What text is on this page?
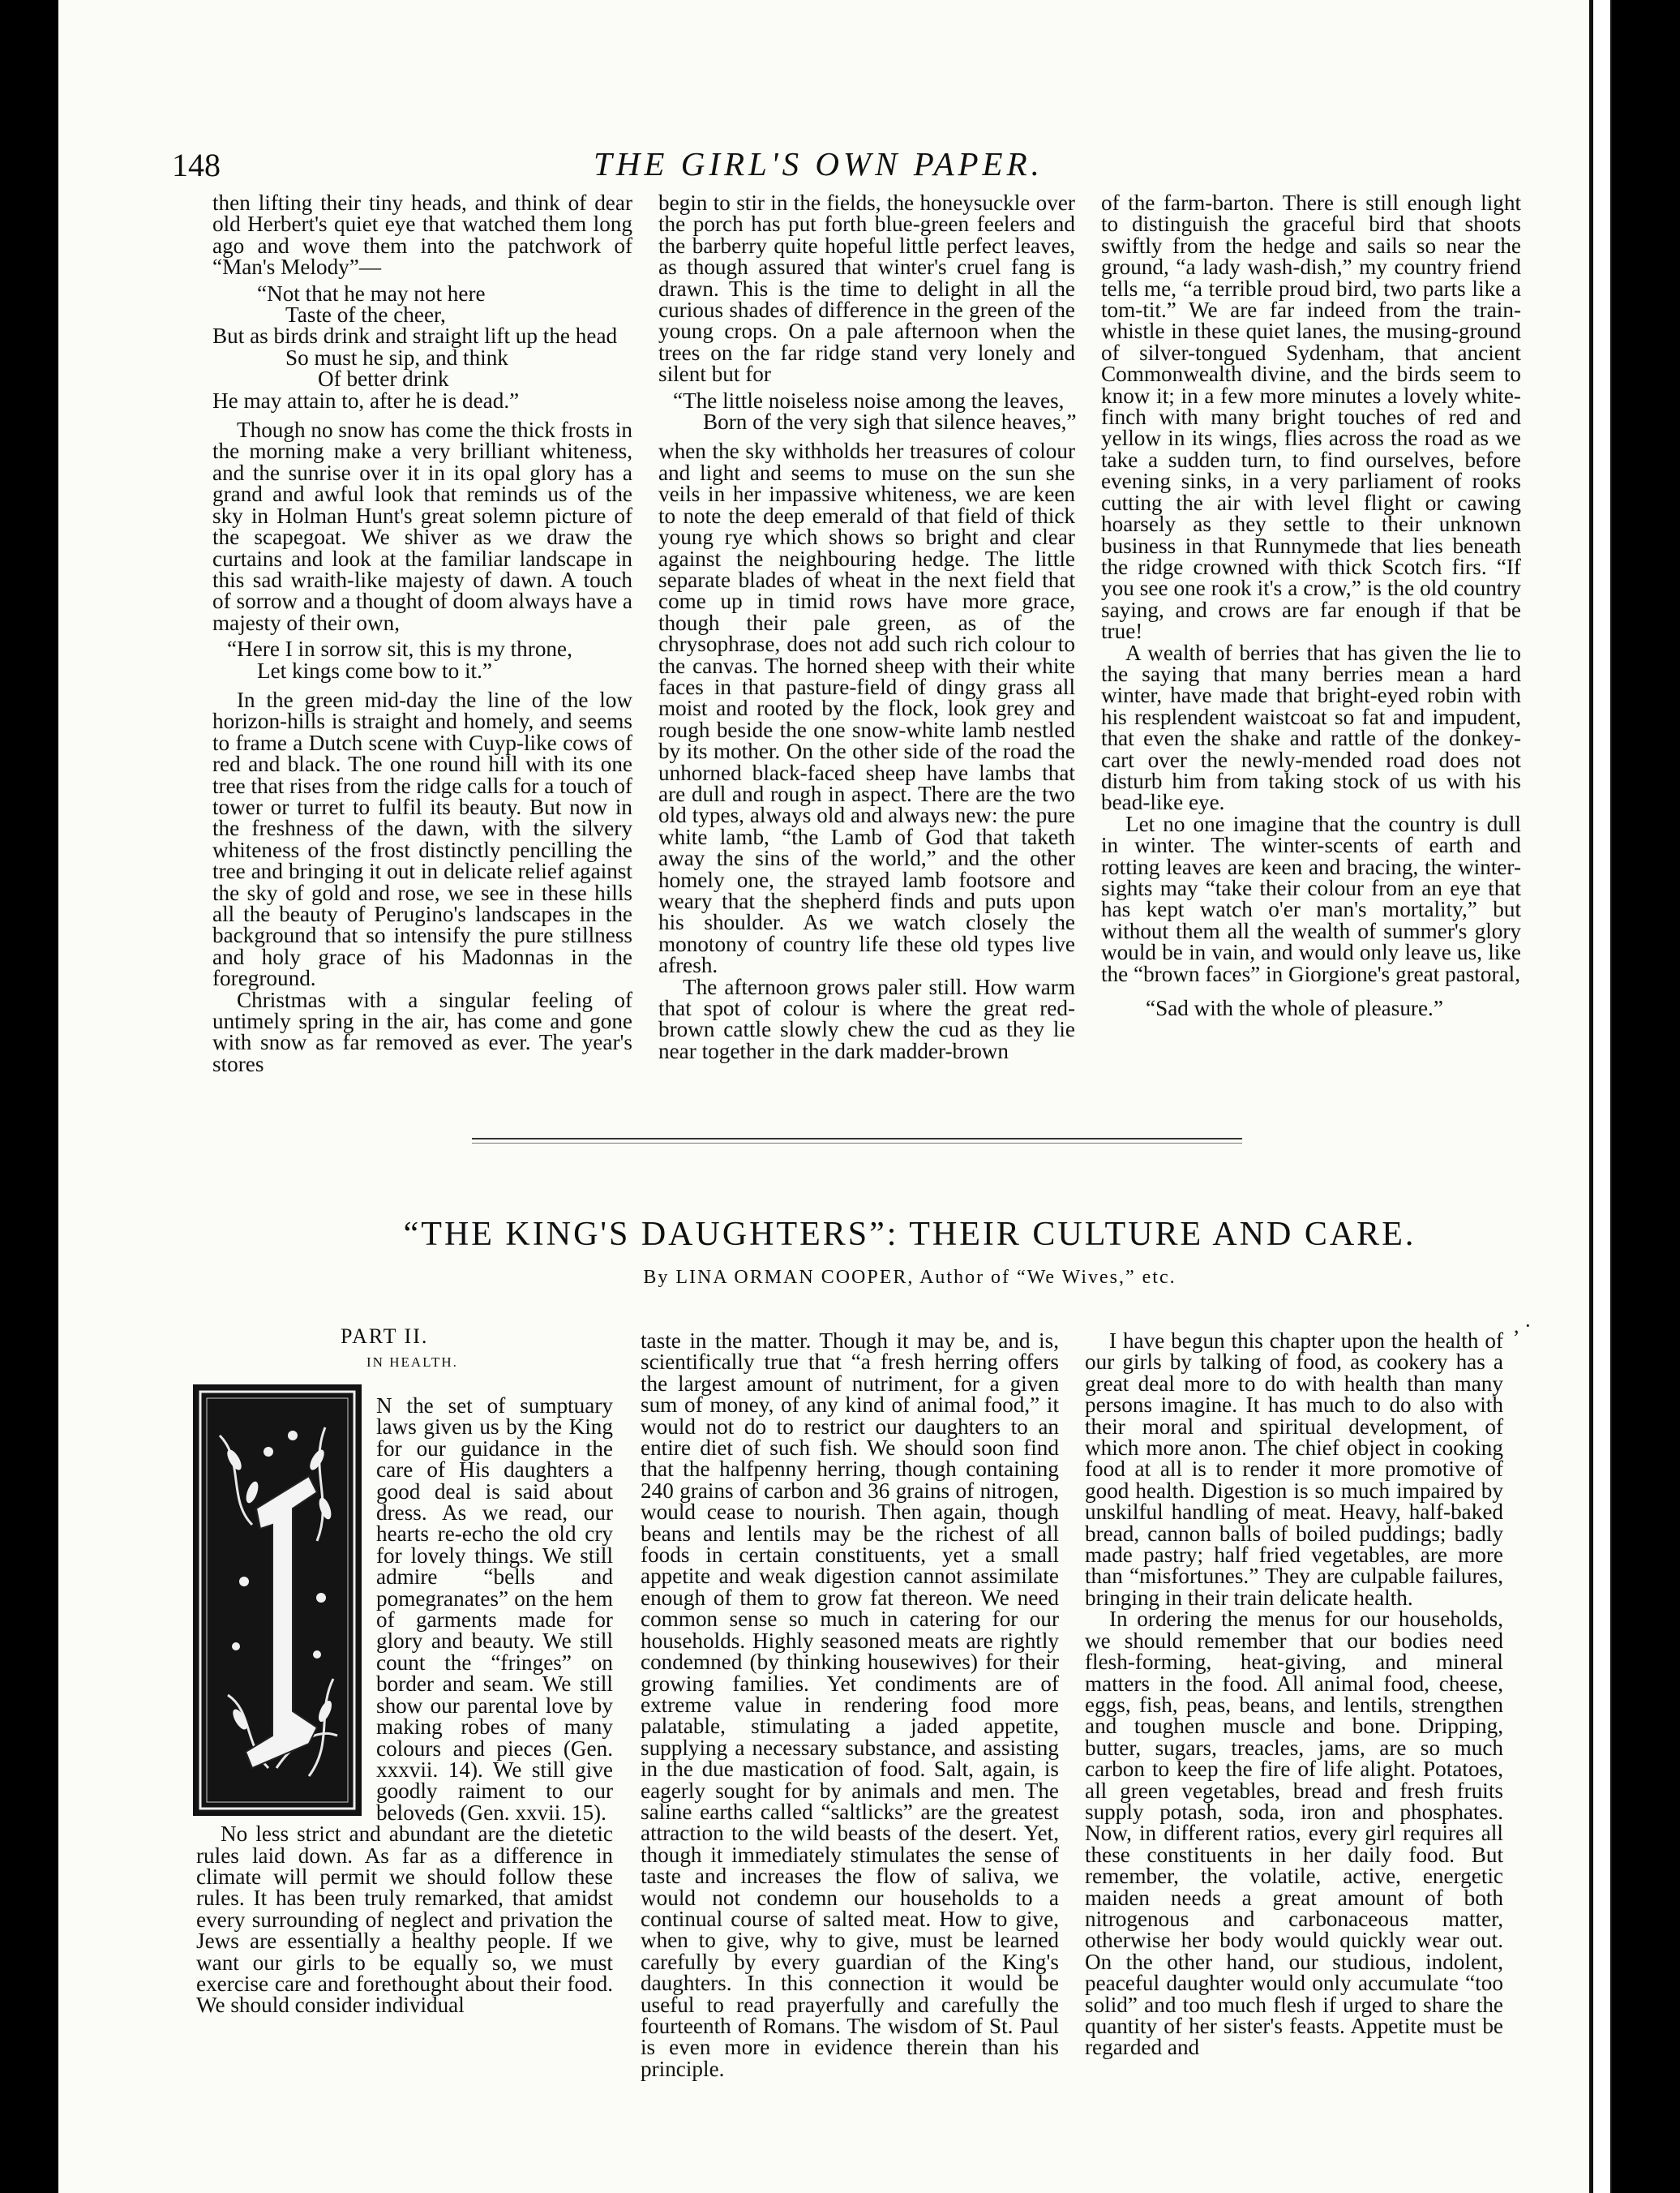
148	THE GIRL'S OWN PAPER.

then lifting their tiny heads, and think of dear old Herbert's quiet eye that watched them long ago and wove them into the patchwork of “Man's Melody”—

“Not that he may not here
Taste of the cheer,
But as birds drink and straight lift up the head
So must he sip, and think
Of better drink
He may attain to, after he is dead.”

Though no snow has come the thick frosts in the morning make a very brilliant whiteness, and the sunrise over it in its opal glory has a grand and awful look that reminds us of the sky in Holman Hunt's great solemn picture of the scapegoat. We shiver as we draw the curtains and look at the familiar landscape in this sad wraith-like majesty of dawn. A touch of sorrow and a thought of doom always have a majesty of their own,

“Here I in sorrow sit, this is my throne,
Let kings come bow to it.”

In the green mid-day the line of the low horizon-hills is straight and homely, and seems to frame a Dutch scene with Cuyp-like cows of red and black. The one round hill with its one tree that rises from the ridge calls for a touch of tower or turret to fulfil its beauty. But now in the freshness of the dawn, with the silvery whiteness of the frost distinctly pencilling the tree and bringing it out in delicate relief against the sky of gold and rose, we see in these hills all the beauty of Perugino's landscapes in the background that so intensify the pure stillness and holy grace of his Madonnas in the foreground.

Christmas with a singular feeling of untimely spring in the air, has come and gone with snow as far removed as ever. The year's stores

begin to stir in the fields, the honeysuckle over the porch has put forth blue-green feelers and the barberry quite hopeful little perfect leaves, as though assured that winter's cruel fang is drawn. This is the time to delight in all the curious shades of difference in the green of the young crops. On a pale afternoon when the trees on the far ridge stand very lonely and silent but for

“The little noiseless noise among the leaves,
Born of the very sigh that silence heaves,”

when the sky withholds her treasures of colour and light and seems to muse on the sun she veils in her impassive whiteness, we are keen to note the deep emerald of that field of thick young rye which shows so bright and clear against the neighbouring hedge. The little separate blades of wheat in the next field that come up in timid rows have more grace, though their pale green, as of the chrysophrase, does not add such rich colour to the canvas. The horned sheep with their white faces in that pasture-field of dingy grass all moist and rooted by the flock, look grey and rough beside the one snow-white lamb nestled by its mother. On the other side of the road the unhorned black-faced sheep have lambs that are dull and rough in aspect. There are the two old types, always old and always new: the pure white lamb, “the Lamb of God that taketh away the sins of the world,” and the other homely one, the strayed lamb footsore and weary that the shepherd finds and puts upon his shoulder. As we watch closely the monotony of country life these old types live afresh.

The afternoon grows paler still. How warm that spot of colour is where the great red-brown cattle slowly chew the cud as they lie near together in the dark madder-brown

of the farm-barton. There is still enough light to distinguish the graceful bird that shoots swiftly from the hedge and sails so near the ground, “a lady wash-dish,” my country friend tells me, “a terrible proud bird, two parts like a tom-tit.” We are far indeed from the train-whistle in these quiet lanes, the musing-ground of silver-tongued Sydenham, that ancient Commonwealth divine, and the birds seem to know it; in a few more minutes a lovely white-finch with many bright touches of red and yellow in its wings, flies across the road as we take a sudden turn, to find ourselves, before evening sinks, in a very parliament of rooks cutting the air with level flight or cawing hoarsely as they settle to their unknown business in that Runnymede that lies beneath the ridge crowned with thick Scotch firs. “If you see one rook it's a crow,” is the old country saying, and crows are far enough if that be true!

A wealth of berries that has given the lie to the saying that many berries mean a hard winter, have made that bright-eyed robin with his resplendent waistcoat so fat and impudent, that even the shake and rattle of the donkey-cart over the newly-mended road does not disturb him from taking stock of us with his bead-like eye.

Let no one imagine that the country is dull in winter. The winter-scents of earth and rotting leaves are keen and bracing, the winter-sights may “take their colour from an eye that has kept watch o'er man's mortality,” but without them all the wealth of summer's glory would be in vain, and would only leave us, like the “brown faces” in Giorgione's great pastoral,

“Sad with the whole of pleasure.”
“THE KING'S DAUGHTERS”: THEIR CULTURE AND CARE.
By LINA ORMAN COOPER, Author of “We Wives,” etc.
PART II.
IN HEALTH.
, ·

N the set of sumptuary laws given us by the King for our guidance in the care of His daughters a good deal is said about dress. As we read, our hearts re-echo the old cry for lovely things. We still admire “bells and pomegranates” on the hem of garments made for glory and beauty. We still count the “fringes” on border and seam. We still show our parental love by making robes of many colours and pieces (Gen. xxxvii. 14). We still give goodly raiment to our beloveds (Gen. xxvii. 15).

No less strict and abundant are the dietetic rules laid down. As far as a difference in climate will permit we should follow these rules. It has been truly remarked, that amidst every surrounding of neglect and privation the Jews are essentially a healthy people. If we want our girls to be equally so, we must exercise care and forethought about their food. We should consider individual

taste in the matter. Though it may be, and is, scientifically true that “a fresh herring offers the largest amount of nutriment, for a given sum of money, of any kind of animal food,” it would not do to restrict our daughters to an entire diet of such fish. We should soon find that the halfpenny herring, though containing 240 grains of carbon and 36 grains of nitrogen, would cease to nourish. Then again, though beans and lentils may be the richest of all foods in certain constituents, yet a small appetite and weak digestion cannot assimilate enough of them to grow fat thereon. We need common sense so much in catering for our households. Highly seasoned meats are rightly condemned (by thinking housewives) for their growing families. Yet condiments are of extreme value in rendering food more palatable, stimulating a jaded appetite, supplying a necessary substance, and assisting in the due mastication of food. Salt, again, is eagerly sought for by animals and men. The saline earths called “saltlicks” are the greatest attraction to the wild beasts of the desert. Yet, though it immediately stimulates the sense of taste and increases the flow of saliva, we would not condemn our households to a continual course of salted meat. How to give, when to give, why to give, must be learned carefully by every guardian of the King's daughters. In this connection it would be useful to read prayerfully and carefully the fourteenth of Romans. The wisdom of St. Paul is even more in evidence therein than his principle.

I have begun this chapter upon the health of our girls by talking of food, as cookery has a great deal more to do with health than many persons imagine. It has much to do also with their moral and spiritual development, of which more anon. The chief object in cooking food at all is to render it more promotive of good health. Digestion is so much impaired by unskilful handling of meat. Heavy, half-baked bread, cannon balls of boiled puddings; badly made pastry; half fried vegetables, are more than “misfortunes.” They are culpable failures, bringing in their train delicate health.

In ordering the menus for our households, we should remember that our bodies need flesh-forming, heat-giving, and mineral matters in the food. All animal food, cheese, eggs, fish, peas, beans, and lentils, strengthen and toughen muscle and bone. Dripping, butter, sugars, treacles, jams, are so much carbon to keep the fire of life alight. Potatoes, all green vegetables, bread and fresh fruits supply potash, soda, iron and phosphates. Now, in different ratios, every girl requires all these constituents in her daily food. But remember, the volatile, active, energetic maiden needs a great amount of both nitrogenous and carbonaceous matter, otherwise her body would quickly wear out. On the other hand, our studious, indolent, peaceful daughter would only accumulate “too solid” and too much flesh if urged to share the quantity of her sister's feasts. Appetite must be regarded and
